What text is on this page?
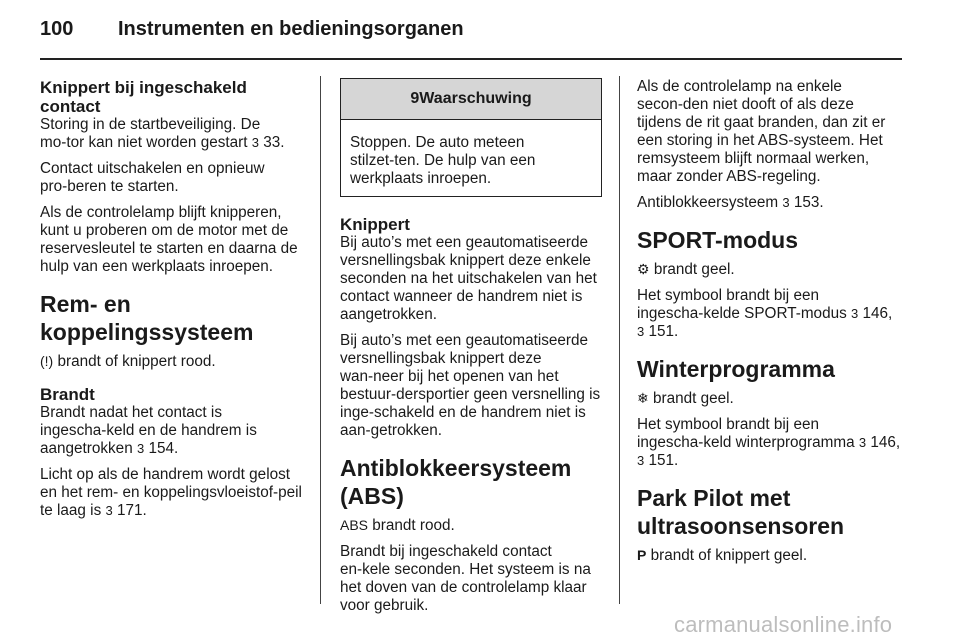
100 Instrumenten en bedieningsorganen
Knippert bij ingeschakeld contact

Storing in de startbeveiliging. De mo‑tor kan niet worden gestart 3 33.

Contact uitschakelen en opnieuw pro‑beren te starten.

Als de controlelamp blijft knipperen, kunt u proberen om de motor met de reservesleutel te starten en daarna de hulp van een werkplaats inroepen.

Rem- en koppelingssysteem

(!) brandt of knippert rood.

Brandt

Brandt nadat het contact is ingescha‑keld en de handrem is aangetrokken 3 154.

Licht op als de handrem wordt gelost en het rem- en koppelingsvloeistof‑peil te laag is 3 171.

9Waarschuwing
Stoppen. De auto meteen stilzet‑ten. De hulp van een werkplaats inroepen.
Knippert

Bij auto’s met een geautomatiseerde versnellingsbak knippert deze enkele seconden na het uitschakelen van het contact wanneer de handrem niet is aangetrokken.

Bij auto’s met een geautomatiseerde versnellingsbak knippert deze wan‑neer bij het openen van het bestuur‑dersportier geen versnelling is inge‑schakeld en de handrem niet is aan‑getrokken.

Antiblokkeersysteem (ABS)

ABS brandt rood.

Brandt bij ingeschakeld contact en‑kele seconden. Het systeem is na het doven van de controlelamp klaar voor gebruik.

Als de controlelamp na enkele secon‑den niet dooft of als deze tijdens de rit gaat branden, dan zit er een storing in het ABS-systeem. Het remsysteem blijft normaal werken, maar zonder ABS-regeling.

Antiblokkeersysteem 3 153.

SPORT-modus

⚙ brandt geel.

Het symbool brandt bij een ingescha‑kelde SPORT-modus 3 146, 3 151.

Winterprogramma

❄ brandt geel.

Het symbool brandt bij een ingescha‑keld winterprogramma 3 146,
3 151.

Park Pilot met ultrasoonsensoren

P brandt of knippert geel.

carmanualsonline.info
